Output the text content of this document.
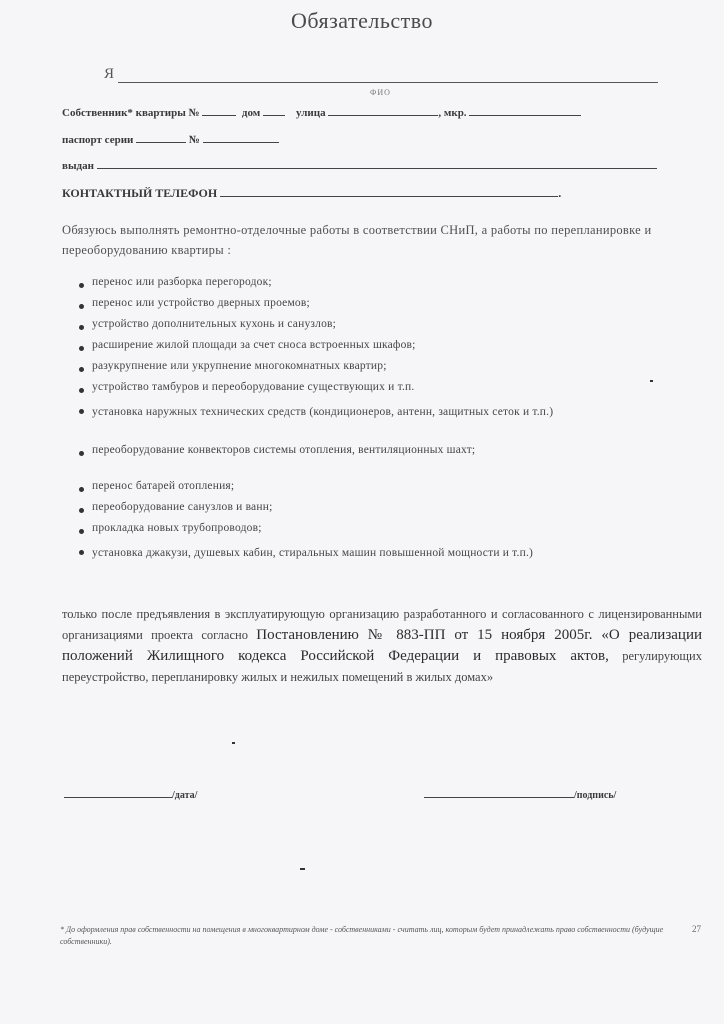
Обязательство
Я
ФИО
Собственник* квартиры №	дом	улица	, мкр.
паспорт серии	№
выдан
КОНТАКТНЫЙ ТЕЛЕФОН	.
Обязуюсь выполнять ремонтно-отделочные работы в соответствии СНиП, а работы по перепланировке и переоборудованию квартиры :
перенос или разборка перегородок;
перенос или устройство дверных проемов;
устройство дополнительных кухонь и санузлов;
расширение жилой площади за счет сноса встроенных шкафов;
разукрупнение или укрупнение многокомнатных квартир;
устройство тамбуров и переоборудование существующих и т.п.
установка наружных технических средств (кондиционеров, антенн, защитных сеток и т.п.)
переоборудование конвекторов системы отопления, вентиляционных шахт;
перенос батарей отопления;
переоборудование санузлов и ванн;
прокладка новых трубопроводов;
установка джакузи, душевых кабин, стиральных машин повышенной мощности и т.п.)
только после предъявления в эксплуатирующую организацию разработанного и согласованного с лицензированными организациями проекта согласно Постановлению № 883-ПП от 15 ноября 2005г. «О реализации положений Жилищного кодекса Российской Федерации и правовых актов, регулирующих переустройство, перепланировку жилых и нежилых помещений в жилых домах»
/дата/	/подпись/
* До оформления прав собственности на помещения в многоквартирном доме - собственниками - считать лиц, которым будет принадлежать право собственности (будущие собственники).
27
